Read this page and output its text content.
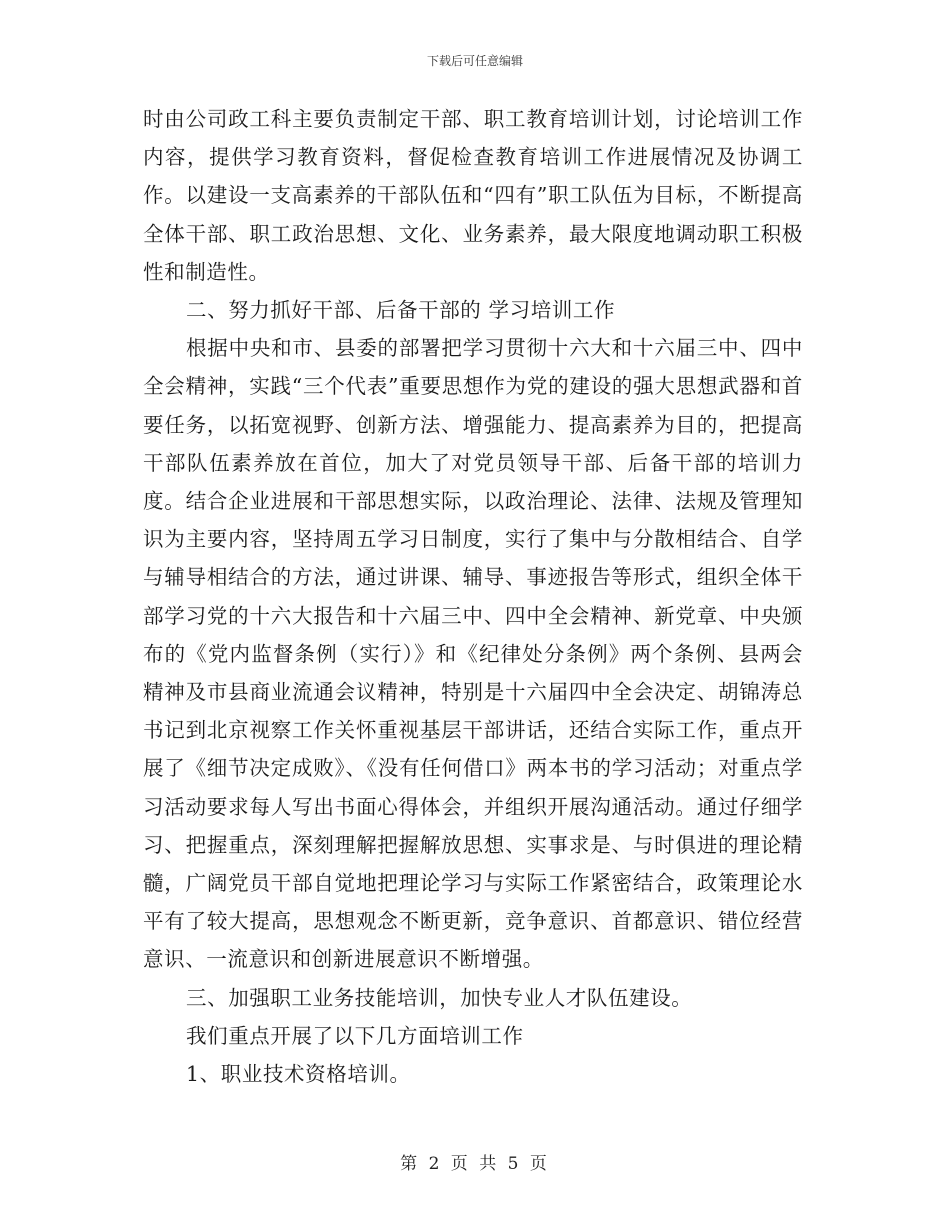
下载后可任意编辑

时由公司政工科主要负责制定干部、职工教育培训计划，讨论培训工作内容，提供学习教育资料，督促检查教育培训工作进展情况及协调工作。以建设一支高素养的干部队伍和“四有”职工队伍为目标，不断提高全体干部、职工政治思想、文化、业务素养，最大限度地调动职工积极性和制造性。

二、努力抓好干部、后备干部的 学习培训工作

根据中央和市、县委的部署把学习贯彻十六大和十六届三中、四中全会精神，实践“三个代表”重要思想作为党的建设的强大思想武器和首要任务，以拓宽视野、创新方法、增强能力、提高素养为目的，把提高干部队伍素养放在首位，加大了对党员领导干部、后备干部的培训力度。结合企业进展和干部思想实际，以政治理论、法律、法规及管理知识为主要内容，坚持周五学习日制度，实行了集中与分散相结合、自学与辅导相结合的方法，通过讲课、辅导、事迹报告等形式，组织全体干部学习党的十六大报告和十六届三中、四中全会精神、新党章、中央颁布的《党内监督条例（实行）》和《纪律处分条例》两个条例、县两会精神及市县商业流通会议精神，特别是十六届四中全会决定、胡锦涛总书记到北京视察工作关怀重视基层干部讲话，还结合实际工作，重点开展了《细节决定成败》、《没有任何借口》两本书的学习活动；对重点学习活动要求每人写出书面心得体会，并组织开展沟通活动。通过仔细学习、把握重点，深刻理解把握解放思想、实事求是、与时俱进的理论精髓，广阔党员干部自觉地把理论学习与实际工作紧密结合，政策理论水平有了较大提高，思想观念不断更新，竞争意识、首都意识、错位经营意识、一流意识和创新进展意识不断增强。

三、加强职工业务技能培训，加快专业人才队伍建设。

我们重点开展了以下几方面培训工作

1、职业技术资格培训。

第 2 页 共 5 页
